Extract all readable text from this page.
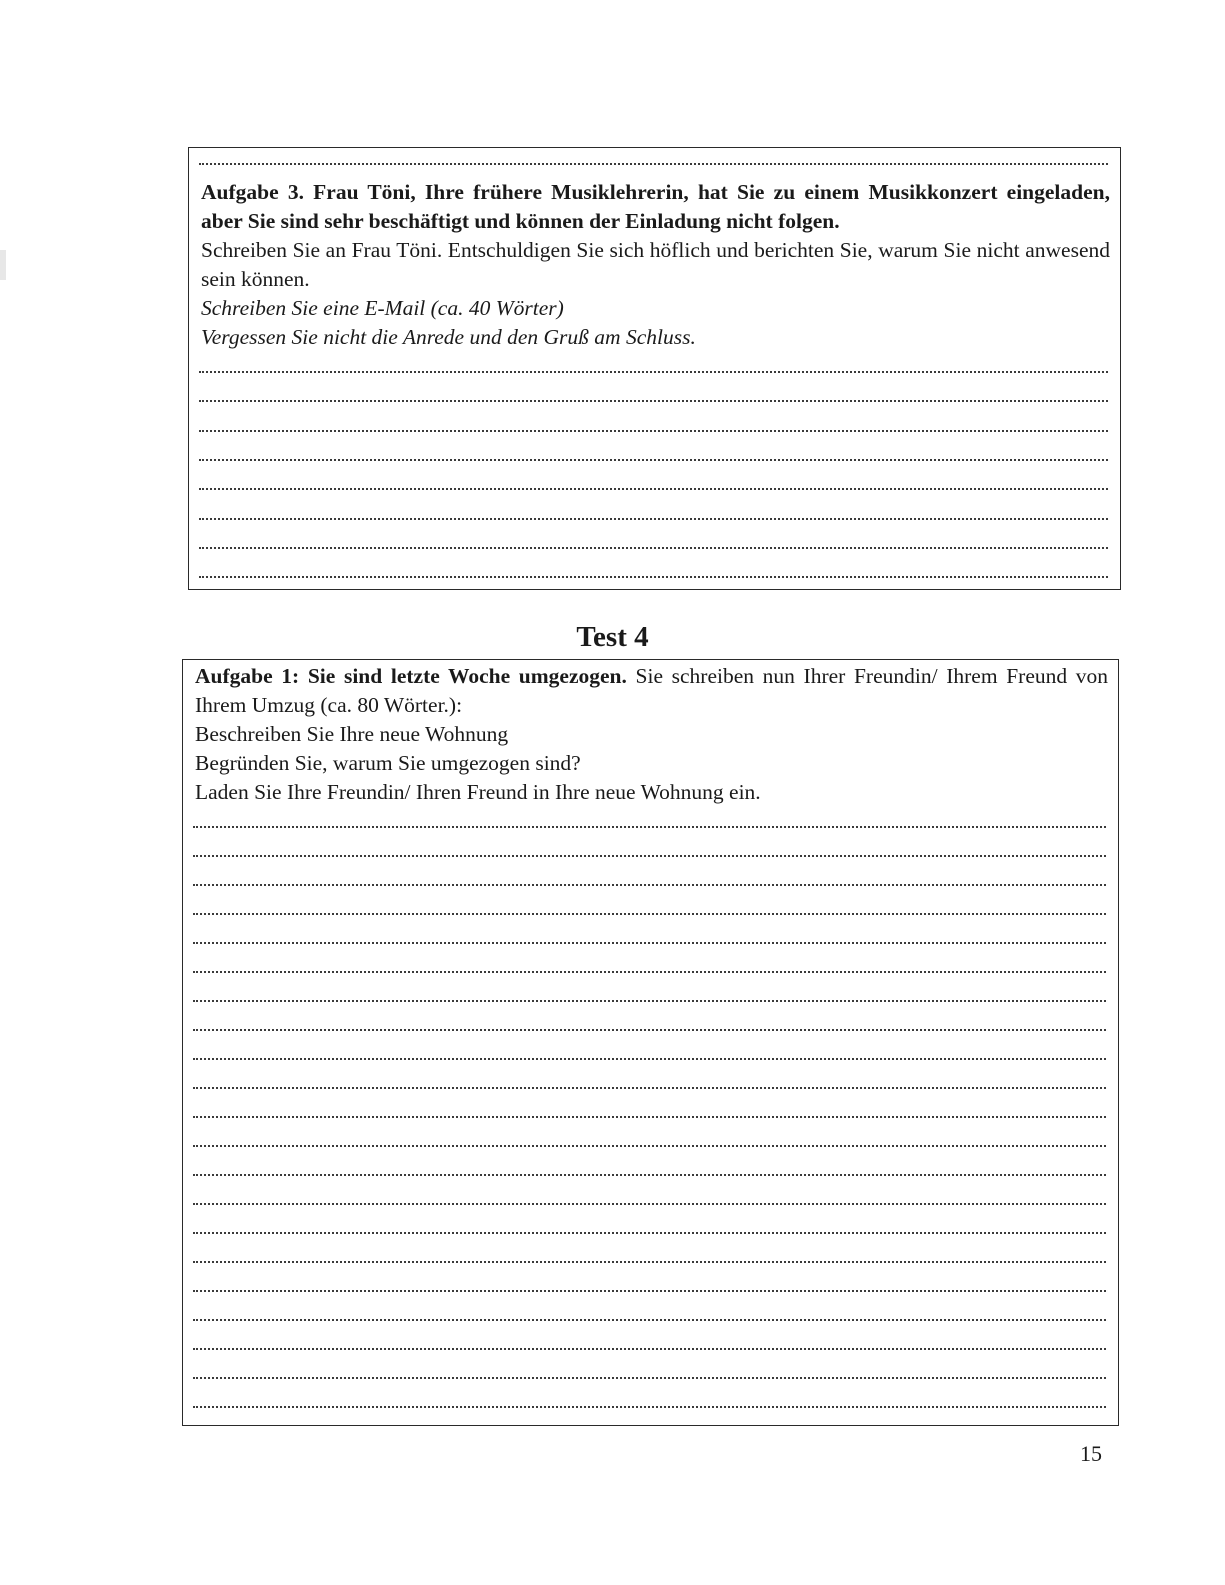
Aufgabe 3. Frau Töni, Ihre frühere Musiklehrerin, hat Sie zu einem Musikkonzert eingeladen, aber Sie sind sehr beschäftigt und können der Einladung nicht folgen.
Schreiben Sie an Frau Töni. Entschuldigen Sie sich höflich und berichten Sie, warum Sie nicht anwesend sein können.
Schreiben Sie eine E-Mail (ca. 40 Wörter)
Vergessen Sie nicht die Anrede und den Gruß am Schluss.

Test 4

Aufgabe 1: Sie sind letzte Woche umgezogen. Sie schreiben nun Ihrer Freundin/ Ihrem Freund von Ihrem Umzug (ca. 80 Wörter.):

Beschreiben Sie Ihre neue Wohnung
Begründen Sie, warum Sie umgezogen sind?
Laden Sie Ihre Freundin/ Ihren Freund in Ihre neue Wohnung ein.

15
